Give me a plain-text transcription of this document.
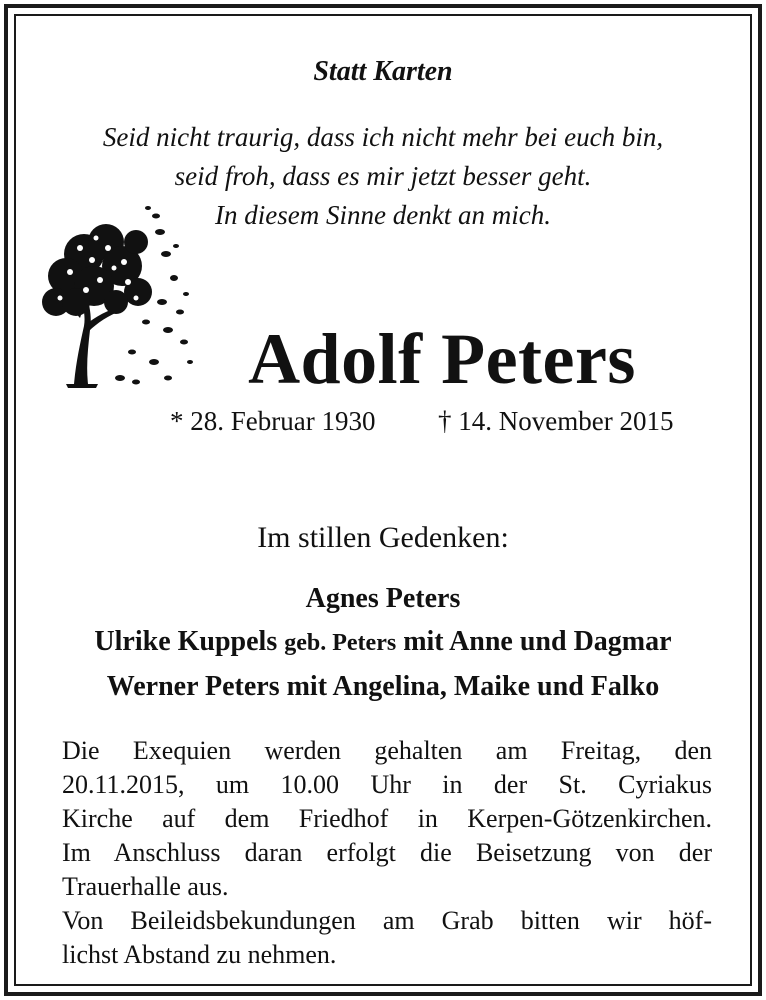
Statt Karten
Seid nicht traurig, dass ich nicht mehr bei euch bin,
seid froh, dass es mir jetzt besser geht.
In diesem Sinne denkt an mich.
Adolf Peters
* 28. Februar 1930 † 14. November 2015
Im stillen Gedenken:
Agnes Peters
Ulrike Kuppels geb. Peters mit Anne und Dagmar
Werner Peters mit Angelina, Maike und Falko
Die Exequien werden gehalten am Freitag, den
20.11.2015, um 10.00 Uhr in der St. Cyriakus
Kirche auf dem Friedhof in Kerpen-Götzenkirchen.
Im Anschluss daran erfolgt die Beisetzung von der
Trauerhalle aus.
Von Beileidsbekundungen am Grab bitten wir höf-
lichst Abstand zu nehmen.
